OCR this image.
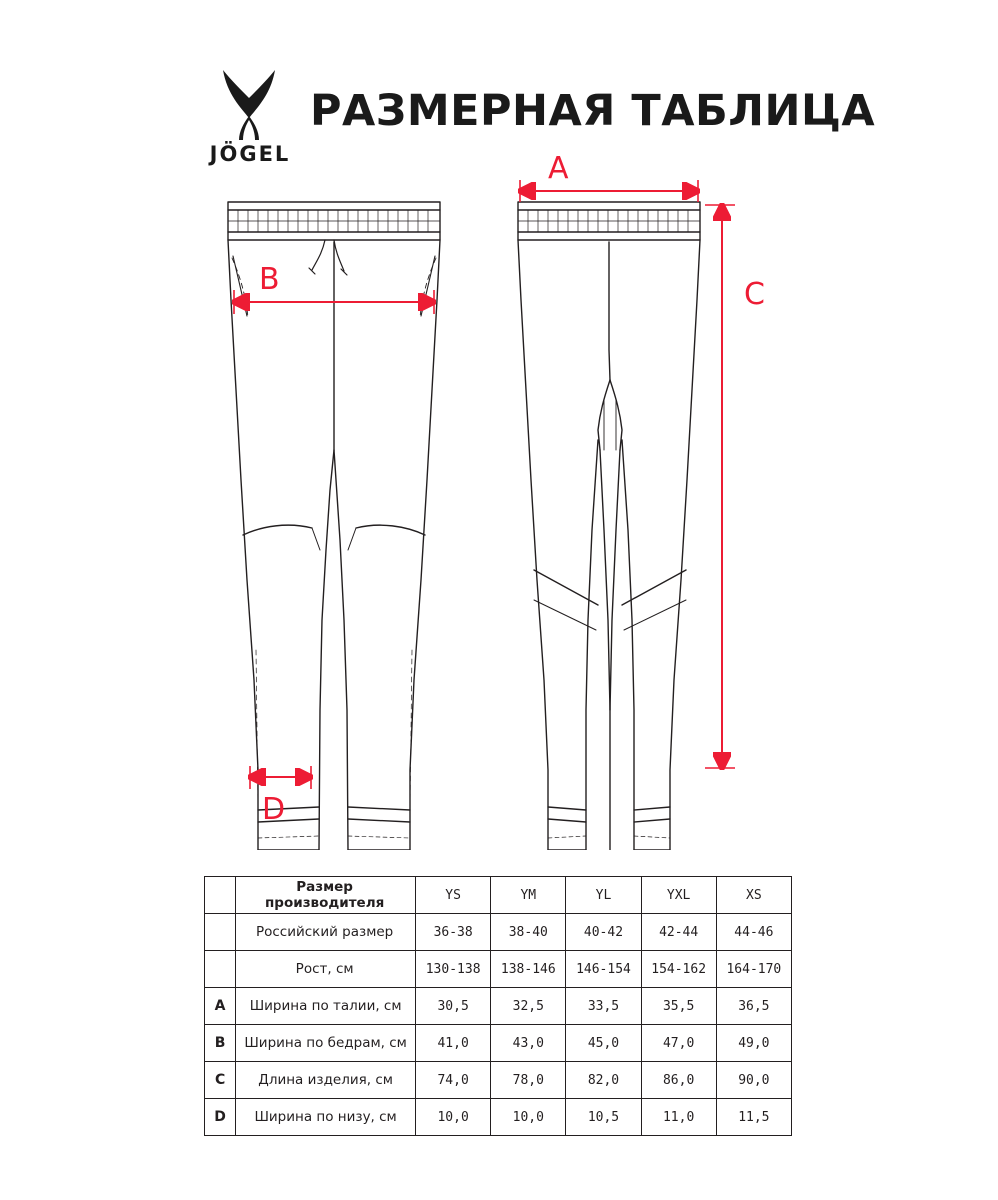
JÖGEL
РАЗМЕРНАЯ ТАБЛИЦА
A
B	C
D
	Размер производителя	YS	YM	YL	YXL	XS
	Российский размер	36-38	38-40	40-42	42-44	44-46
	Рост, см	130-138	138-146	146-154	154-162	164-170
A	Ширина по талии, см	30,5	32,5	33,5	35,5	36,5
B	Ширина по бедрам, см	41,0	43,0	45,0	47,0	49,0
C	Длина изделия, см	74,0	78,0	82,0	86,0	90,0
D	Ширина по низу, см	10,0	10,0	10,5	11,0	11,5
